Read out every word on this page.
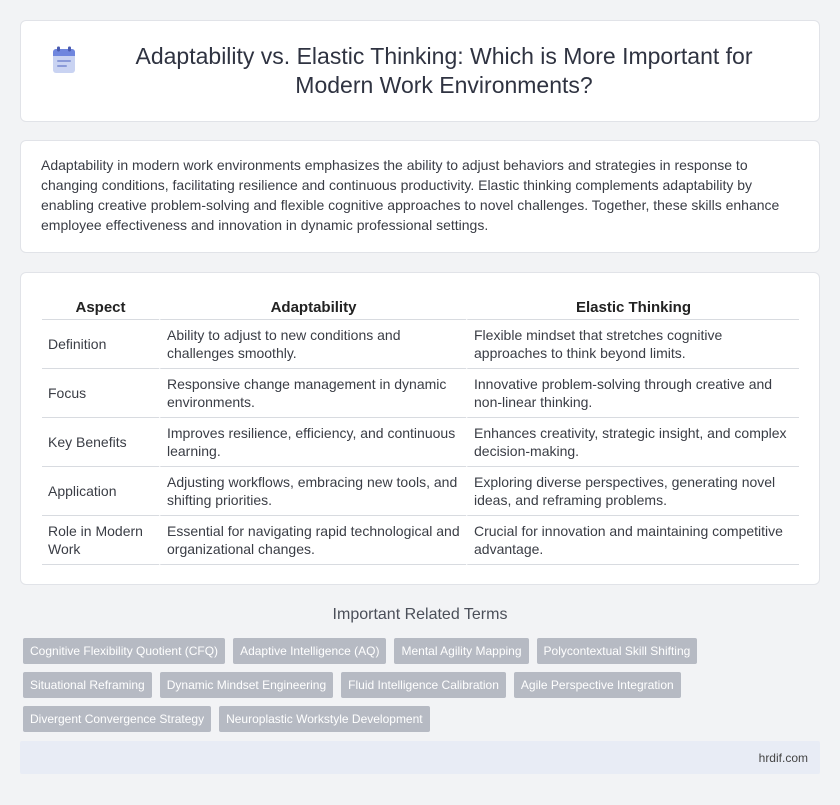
Adaptability vs. Elastic Thinking: Which is More Important for Modern Work Environments?

Adaptability in modern work environments emphasizes the ability to adjust behaviors and strategies in response to changing conditions, facilitating resilience and continuous productivity. Elastic thinking complements adaptability by enabling creative problem-solving and flexible cognitive approaches to novel challenges. Together, these skills enhance employee effectiveness and innovation in dynamic professional settings.

Aspect	Adaptability	Elastic Thinking
Definition	Ability to adjust to new conditions and challenges smoothly.	Flexible mindset that stretches cognitive approaches to think beyond limits.
Focus	Responsive change management in dynamic environments.	Innovative problem-solving through creative and non-linear thinking.
Key Benefits	Improves resilience, efficiency, and continuous learning.	Enhances creativity, strategic insight, and complex decision-making.
Application	Adjusting workflows, embracing new tools, and shifting priorities.	Exploring diverse perspectives, generating novel ideas, and reframing problems.
Role in Modern Work	Essential for navigating rapid technological and organizational changes.	Crucial for innovation and maintaining competitive advantage.
Important Related Terms
Cognitive Flexibility Quotient (CFQ)	Adaptive Intelligence (AQ)	Mental Agility Mapping	Polycontextual Skill Shifting
Situational Reframing	Dynamic Mindset Engineering	Fluid Intelligence Calibration	Agile Perspective Integration
Divergent Convergence Strategy	Neuroplastic Workstyle Development
hrdif.com
